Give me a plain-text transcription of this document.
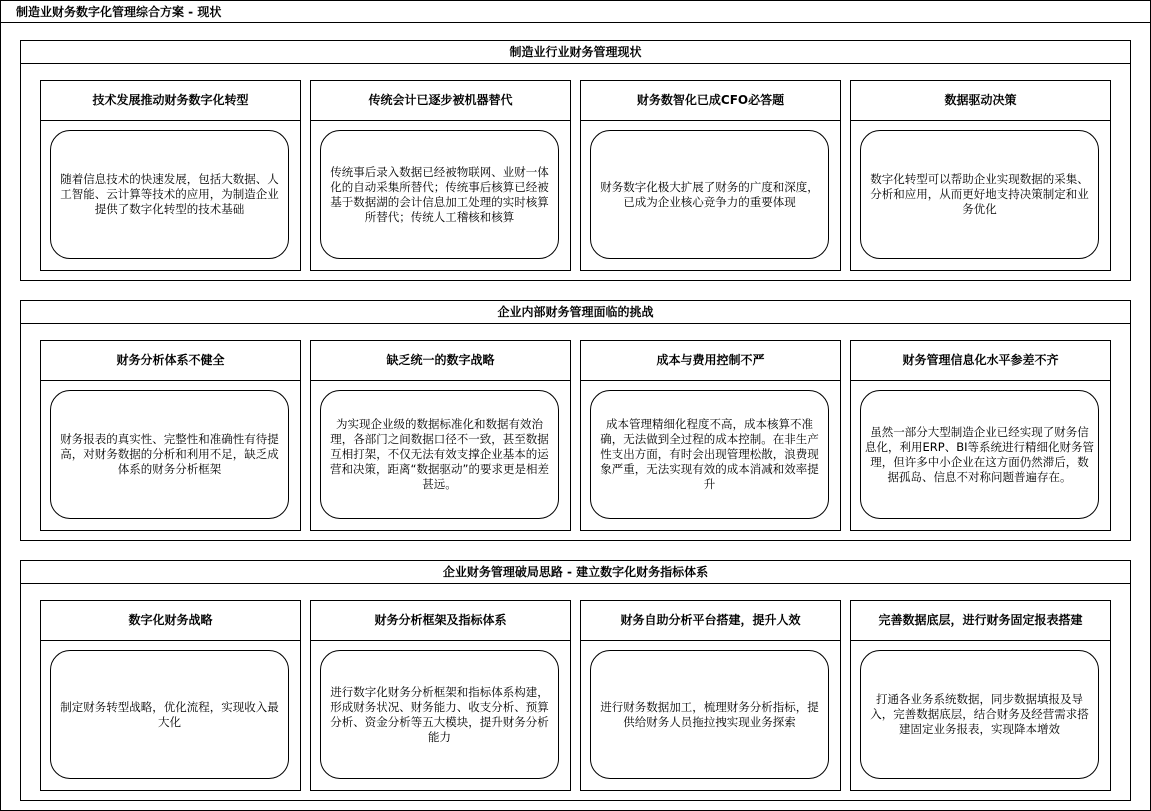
制造业财务数字化管理综合方案 - 现状
制造业行业财务管理现状
技术发展推动财务数字化转型
随着信息技术的快速发展，包括大数据、人工智能、云计算等技术的应用，为制造企业提供了数字化转型的技术基础
传统会计已逐步被机器替代
传统事后录入数据已经被物联网、业财一体化的自动采集所替代；传统事后核算已经被基于数据湖的会计信息加工处理的实时核算所替代；传统人工稽核和核算
财务数智化已成CFO必答题
财务数字化极大扩展了财务的广度和深度，已成为企业核心竞争力的重要体现
数据驱动决策
数字化转型可以帮助企业实现数据的采集、分析和应用，从而更好地支持决策制定和业务优化
企业内部财务管理面临的挑战
财务分析体系不健全
财务报表的真实性、完整性和准确性有待提高，对财务数据的分析和利用不足，缺乏成体系的财务分析框架
缺乏统一的数字战略
为实现企业级的数据标准化和数据有效治理，各部门之间数据口径不一致，甚至数据互相打架，不仅无法有效支撑企业基本的运营和决策，距离“数据驱动”的要求更是相差甚远。
成本与费用控制不严
成本管理精细化程度不高，成本核算不准确，无法做到全过程的成本控制。在非生产性支出方面，有时会出现管理松散，浪费现象严重，无法实现有效的成本消减和效率提升
财务管理信息化水平参差不齐
虽然一部分大型制造企业已经实现了财务信息化，利用ERP、BI等系统进行精细化财务管理，但许多中小企业在这方面仍然滞后，数据孤岛、信息不对称问题普遍存在。
企业财务管理破局思路 - 建立数字化财务指标体系
数字化财务战略
制定财务转型战略，优化流程，实现收入最大化
财务分析框架及指标体系
进行数字化财务分析框架和指标体系构建，形成财务状况、财务能力、收支分析、预算分析、资金分析等五大模块，提升财务分析能力
财务自助分析平台搭建，提升人效
进行财务数据加工，梳理财务分析指标，提供给财务人员拖拉拽实现业务探索
完善数据底层，进行财务固定报表搭建
打通各业务系统数据，同步数据填报及导入，完善数据底层，结合财务及经营需求搭建固定业务报表，实现降本增效
